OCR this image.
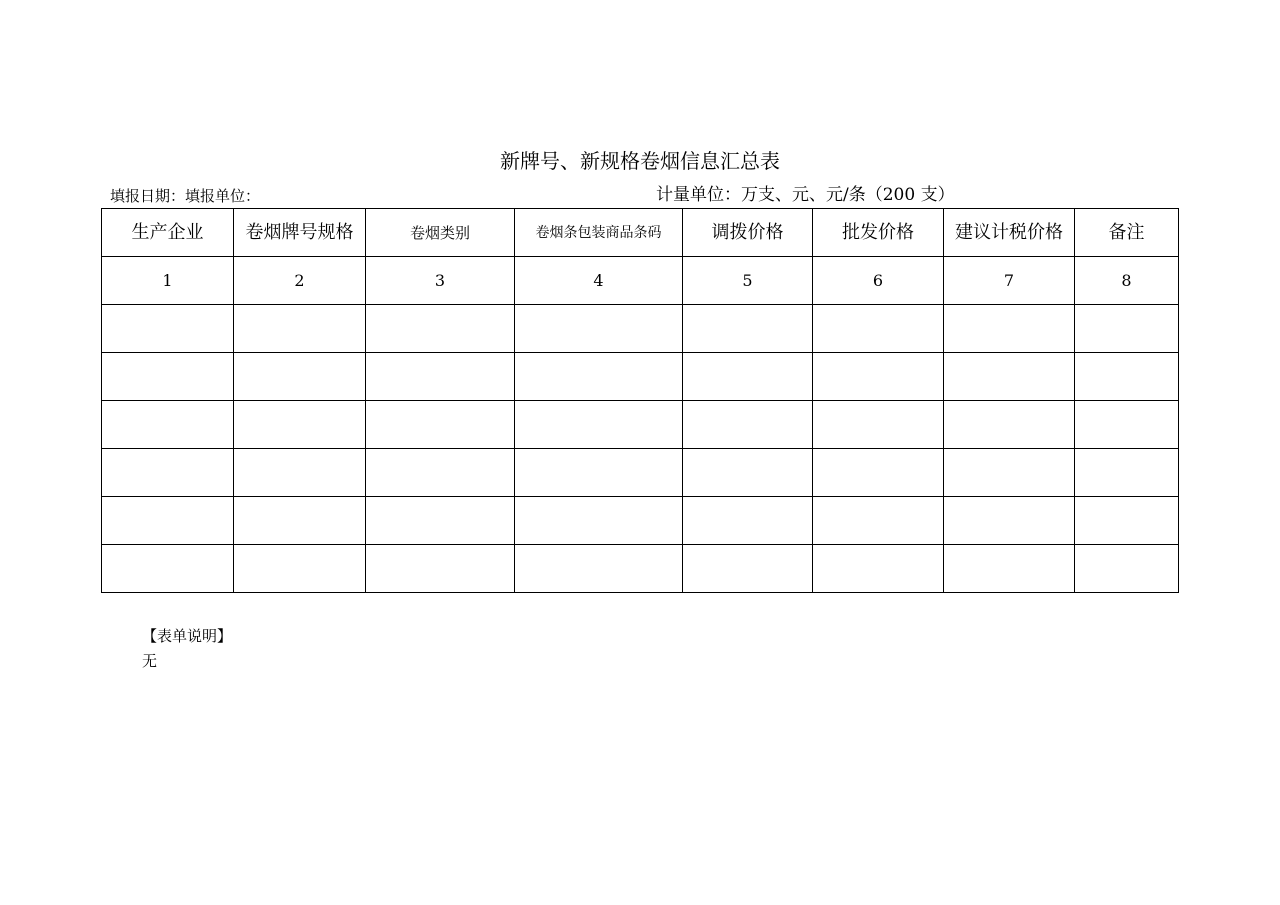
新牌号、新规格卷烟信息汇总表
填报日期：填报单位：	计量单位：万支、元、元/条（200 支）
生产企业	卷烟牌号规格	卷烟类别	卷烟条包装商品条码	调拨价格	批发价格	建议计税价格	备注
1	2	3	4	5	6	7	8

【表单说明】
无
